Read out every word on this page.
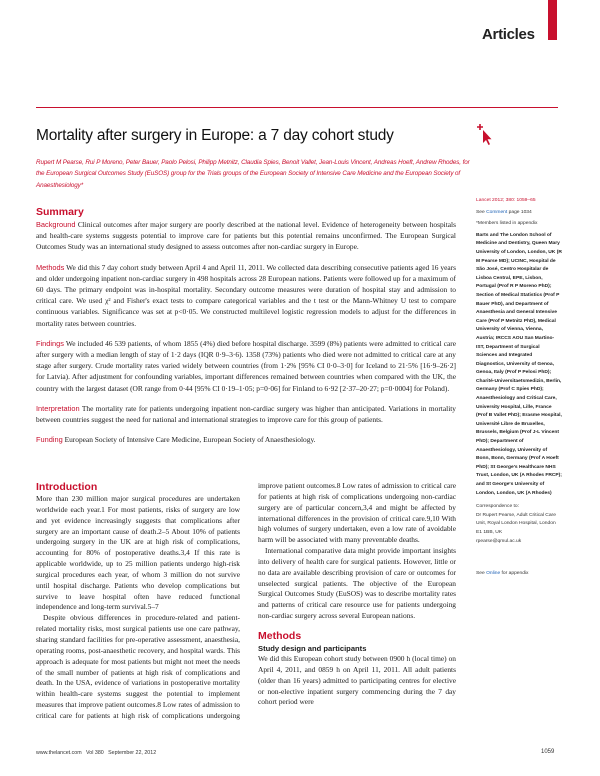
Articles
Mortality after surgery in Europe: a 7 day cohort study
Rupert M Pearse, Rui P Moreno, Peter Bauer, Paolo Pelosi, Philipp Metnitz, Claudia Spies, Benoit Vallet, Jean-Louis Vincent, Andreas Hoeft, Andrew Rhodes, for the European Surgical Outcomes Study (EuSOS) group for the Trials groups of the European Society of Intensive Care Medicine and the European Society of Anaesthesiology*
Summary

Background Clinical outcomes after major surgery are poorly described at the national level. Evidence of heterogeneity between hospitals and health-care systems suggests potential to improve care for patients but this potential remains unconfirmed. The European Surgical Outcomes Study was an international study designed to assess outcomes after non-cardiac surgery in Europe.

Methods We did this 7 day cohort study between April 4 and April 11, 2011. We collected data describing consecutive patients aged 16 years and older undergoing inpatient non-cardiac surgery in 498 hospitals across 28 European nations. Patients were followed up for a maximum of 60 days. The primary endpoint was in-hospital mortality. Secondary outcome measures were duration of hospital stay and admission to critical care. We used χ² and Fisher's exact tests to compare categorical variables and the t test or the Mann-Whitney U test to compare continuous variables. Significance was set at p<0·05. We constructed multilevel logistic regression models to adjust for the differences in mortality rates between countries.

Findings We included 46 539 patients, of whom 1855 (4%) died before hospital discharge. 3599 (8%) patients were admitted to critical care after surgery with a median length of stay of 1·2 days (IQR 0·9–3·6). 1358 (73%) patients who died were not admitted to critical care at any stage after surgery. Crude mortality rates varied widely between countries (from 1·2% [95% CI 0·0–3·0] for Iceland to 21·5% [16·9–26·2] for Latvia). After adjustment for confounding variables, important differences remained between countries when compared with the UK, the country with the largest dataset (OR range from 0·44 [95% CI 0·19–1·05; p=0·06] for Finland to 6·92 [2·37–20·27; p=0·0004] for Poland).

Interpretation The mortality rate for patients undergoing inpatient non-cardiac surgery was higher than anticipated. Variations in mortality between countries suggest the need for national and international strategies to improve care for this group of patients.

Funding European Society of Intensive Care Medicine, European Society of Anaesthesiology.

Introduction

More than 230 million major surgical procedures are undertaken worldwide each year.1 For most patients, risks of surgery are low and yet evidence increasingly suggests that complications after surgery are an important cause of death.2–5 About 10% of patients undergoing surgery in the UK are at high risk of complications, accounting for 80% of postoperative deaths.3,4 If this rate is applicable worldwide, up to 25 million patients undergo high-risk surgical procedures each year, of whom 3 million do not survive until hospital discharge. Patients who develop complications but survive to leave hospital often have reduced functional independence and long-term survival.5–7

Despite obvious differences in procedure-related and patient-related mortality risks, most surgical patients use one care pathway, sharing standard facilities for pre-operative assessment, anaesthesia, operating rooms, post-anaesthetic recovery, and hospital wards. This approach is adequate for most patients but might not meet the needs of the small number of patients at high risk of complications and death. In the USA, evidence of variations in postoperative mortality within health-care systems suggest the potential to implement measures that improve patient outcomes.8 Low rates of admission to critical care for patients at high risk of complications undergoing

improve patient outcomes.8 Low rates of admission to critical care for patients at high risk of complications undergoing non-cardiac surgery are of particular concern,3,4 and might be affected by international differences in the provision of critical care.9,10 With high volumes of surgery undertaken, even a low rate of avoidable harm will be associated with many preventable deaths.

International comparative data might provide important insights into delivery of health care for surgical patients. However, little or no data are available describing provision of care or outcomes for unselected surgical patients. The objective of the European Surgical Outcomes Study (EuSOS) was to describe mortality rates and patterns of critical care resource use for patients undergoing non-cardiac surgery across several European nations.

Methods
Study design and participants

We did this European cohort study between 0900 h (local time) on April 4, 2011, and 0859 h on April 11, 2011. All adult patients (older than 16 years) admitted to participating centres for elective or non-elective inpatient surgery commencing during the 7 day cohort period were

Lancet 2012; 380: 1059–65
See Comment page 1034
*Members listed in appendix
Barts and The London School of Medicine and Dentistry, Queen Mary University of London, London, UK (R M Pearse MD); UCINC, Hospital de São José, Centro Hospitalar de Lisboa Central, EPE, Lisbon, Portugal (Prof R P Moreno PhD); Section of Medical Statistics (Prof P Bauer PhD), and Department of Anaesthesia and General Intensive Care (Prof P Metnitz PhD), Medical University of Vienna, Vienna, Austria; IRCCS AOU San Martino-IST, Department of Surgical Sciences and Integrated Diagnostics, University of Genoa, Genoa, Italy (Prof P Pelosi PhD); Charité-Universitaetsmedizin, Berlin, Germany (Prof C Spies PhD); Anaesthesiology and Critical Care, University Hospital, Lille, France (Prof B Vallet PhD); Erasme Hospital, Université Libre de Bruxelles, Brussels, Belgium (Prof J-L Vincent PhD); Department of Anaesthesiology, University of Bonn, Bonn, Germany (Prof A Hoeft PhD); St George's Healthcare NHS Trust, London, UK (A Rhodes FRCP); and St George's University of London, London, UK (A Rhodes)
Correspondence to:
Dr Rupert Pearse, Adult Critical Care Unit, Royal London Hospital, London E1 1BB, UK
rpearse@qmul.ac.uk
See Online for appendix
www.thelancet.com   Vol 380   September 22, 2012	1059
